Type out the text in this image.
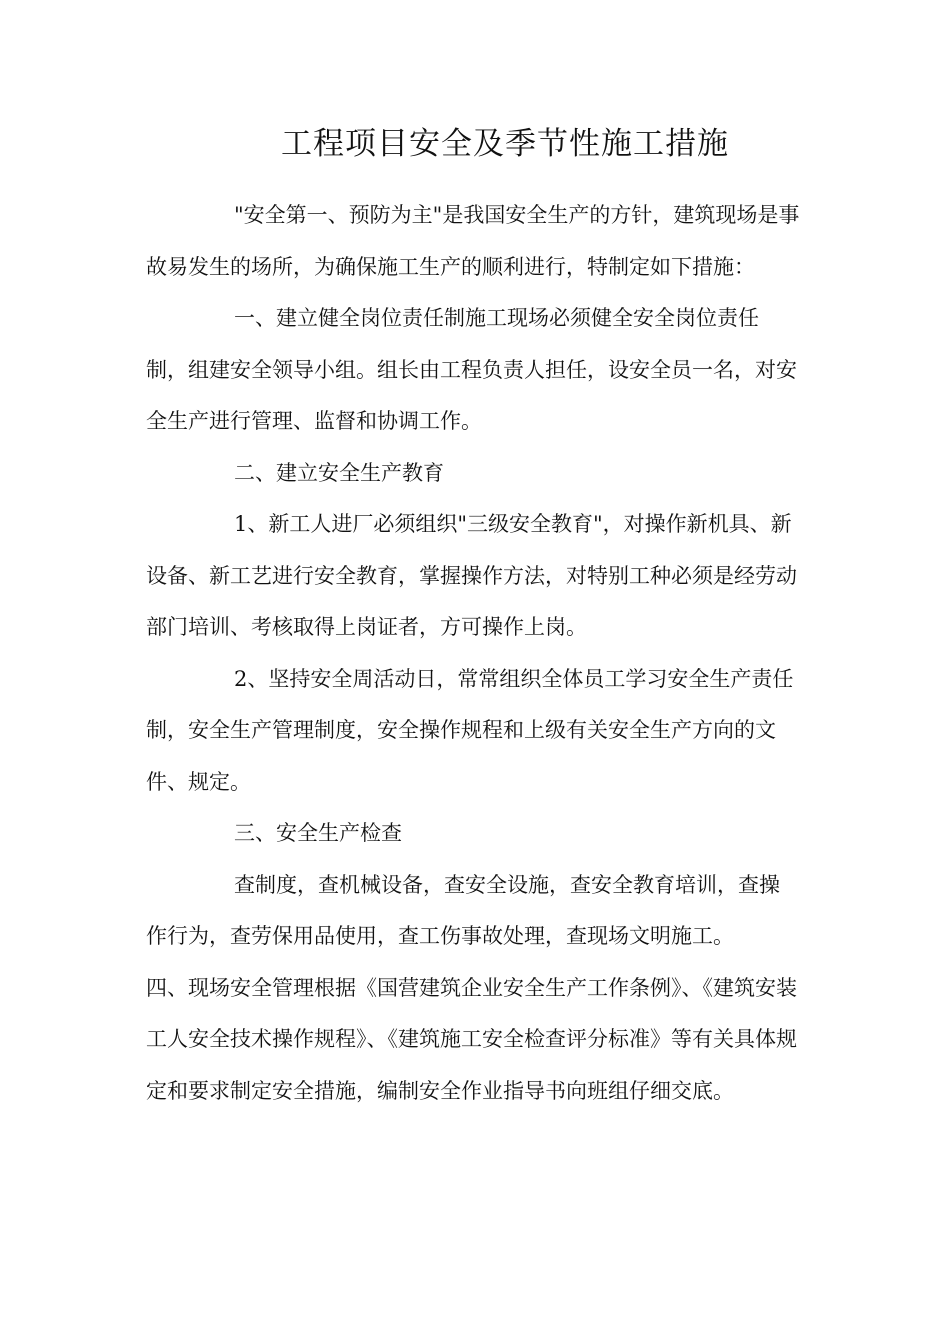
工程项目安全及季节性施工措施

"安全第一、预防为主"是我国安全生产的方针，建筑现场是事故易发生的场所，为确保施工生产的顺利进行，特制定如下措施：

一、建立健全岗位责任制施工现场必须健全安全岗位责任制，组建安全领导小组。组长由工程负责人担任，设安全员一名，对安全生产进行管理、监督和协调工作。

二、建立安全生产教育

1、新工人进厂必须组织"三级安全教育"，对操作新机具、新设备、新工艺进行安全教育，掌握操作方法，对特别工种必须是经劳动部门培训、考核取得上岗证者，方可操作上岗。

2、坚持安全周活动日，常常组织全体员工学习安全生产责任制，安全生产管理制度，安全操作规程和上级有关安全生产方向的文件、规定。

三、安全生产检查

查制度，查机械设备，查安全设施，查安全教育培训，查操作行为，查劳保用品使用，查工伤事故处理，查现场文明施工。

四、现场安全管理根据《国营建筑企业安全生产工作条例》、《建筑安装工人安全技术操作规程》、《建筑施工安全检查评分标准》等有关具体规定和要求制定安全措施，编制安全作业指导书向班组仔细交底。
